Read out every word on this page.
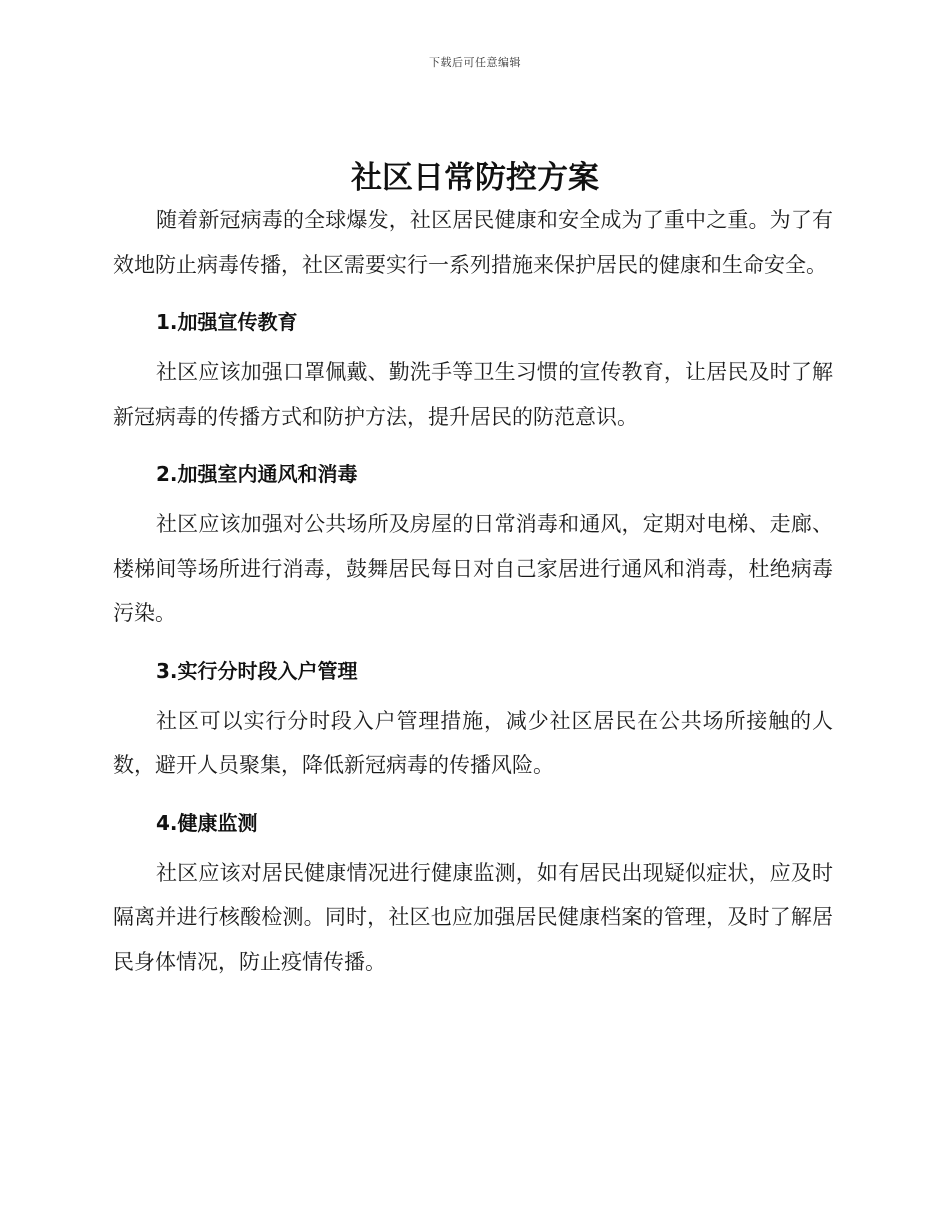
下载后可任意编辑
社区日常防控方案

随着新冠病毒的全球爆发，社区居民健康和安全成为了重中之重。为了有效地防止病毒传播，社区需要实行一系列措施来保护居民的健康和生命安全。

1.加强宣传教育

社区应该加强口罩佩戴、勤洗手等卫生习惯的宣传教育，让居民及时了解新冠病毒的传播方式和防护方法，提升居民的防范意识。

2.加强室内通风和消毒

社区应该加强对公共场所及房屋的日常消毒和通风，定期对电梯、走廊、楼梯间等场所进行消毒，鼓舞居民每日对自己家居进行通风和消毒，杜绝病毒污染。

3.实行分时段入户管理

社区可以实行分时段入户管理措施，减少社区居民在公共场所接触的人数，避开人员聚集，降低新冠病毒的传播风险。

4.健康监测

社区应该对居民健康情况进行健康监测，如有居民出现疑似症状，应及时隔离并进行核酸检测。同时，社区也应加强居民健康档案的管理，及时了解居民身体情况，防止疫情传播。
